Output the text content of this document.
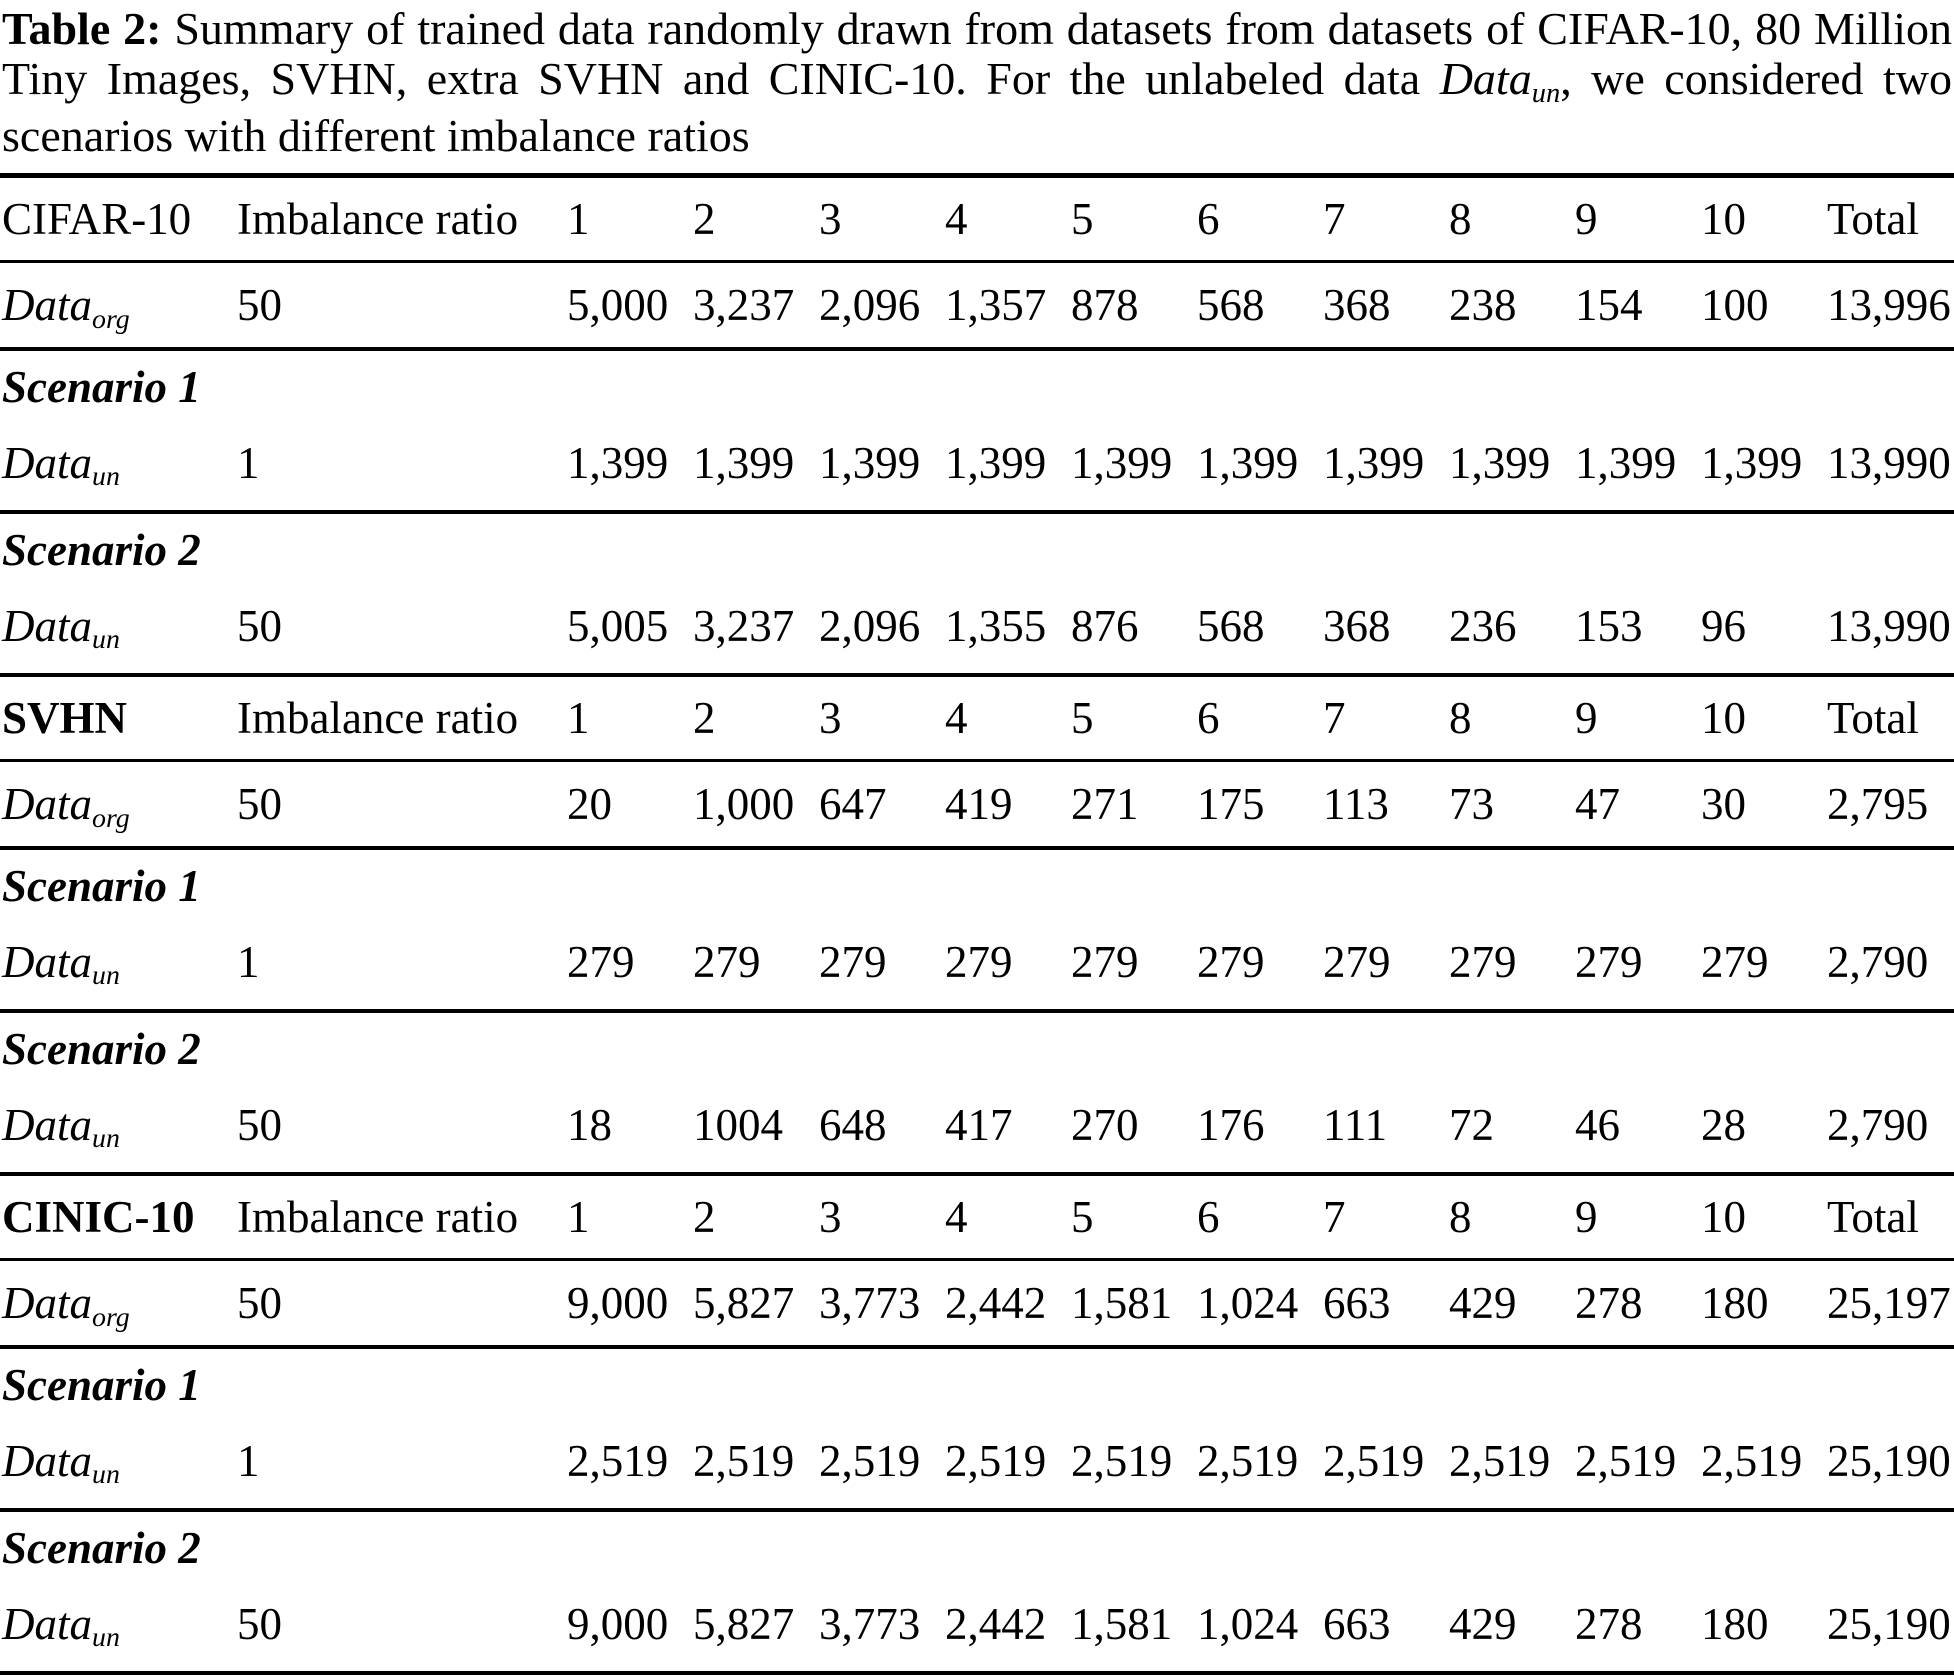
Table 2: Summary of trained data randomly drawn from datasets from datasets of CIFAR-10, 80 Million Tiny Images, SVHN, extra SVHN and CINIC-10. For the unlabeled data Dataun, we considered two scenarios with different imbalance ratios

CIFAR-10	Imbalance ratio	1	2	3	4	5	6	7	8	9	10	Total
Dataorg	50	5,000 3,237 2,096 1,357 878	568	368	238	154	100	13,996
Scenario 1
Dataun	1	1,399 1,399 1,399 1,399 1,399 1,399 1,399 1,399 1,399 1,399 13,990
Scenario 2
Dataun	50	5,005 3,237 2,096 1,355 876	568	368	236	153	96	13,990
SVHN	Imbalance ratio	1	2	3	4	5	6	7	8	9	10	Total
Dataorg	50	20	1,000 647	419	271	175	113	73	47	30	2,795
Scenario 1
Dataun	1	279	279	279	279	279	279	279	279	279	279	2,790
Scenario 2
Dataun	50	18	1004 648	417	270	176	111	72	46	28	2,790
CINIC-10 Imbalance ratio	1	2	3	4	5	6	7	8	9	10	Total
Dataorg	50	9,000 5,827 3,773 2,442 1,581 1,024 663	429	278	180	25,197
Scenario 1
Dataun	1	2,519 2,519 2,519 2,519 2,519 2,519 2,519 2,519 2,519 2,519 25,190
Scenario 2
Dataun	50	9,000 5,827 3,773 2,442 1,581 1,024 663	429	278	180	25,190
